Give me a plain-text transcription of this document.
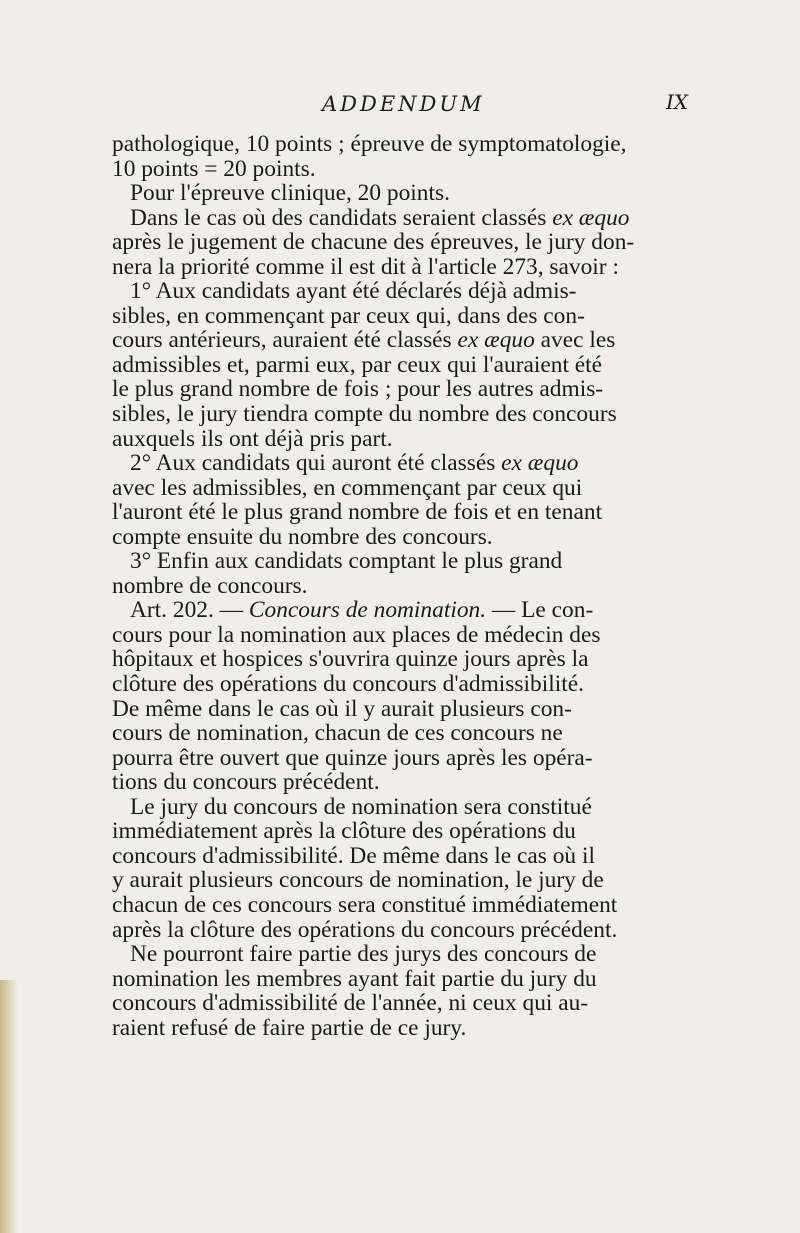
ADDENDUM	IX
pathologique, 10 points ; épreuve de symptomatologie,
10 points = 20 points.
Pour l'épreuve clinique, 20 points.
Dans le cas où des candidats seraient classés ex æquo
après le jugement de chacune des épreuves, le jury don-
nera la priorité comme il est dit à l'article 273, savoir :
1° Aux candidats ayant été déclarés déjà admis-
sibles, en commençant par ceux qui, dans des con-
cours antérieurs, auraient été classés ex æquo avec les
admissibles et, parmi eux, par ceux qui l'auraient été
le plus grand nombre de fois ; pour les autres admis-
sibles, le jury tiendra compte du nombre des concours
auxquels ils ont déjà pris part.
2° Aux candidats qui auront été classés ex æquo
avec les admissibles, en commençant par ceux qui
l'auront été le plus grand nombre de fois et en tenant
compte ensuite du nombre des concours.
3° Enfin aux candidats comptant le plus grand
nombre de concours.
Art. 202. — Concours de nomination. — Le con-
cours pour la nomination aux places de médecin des
hôpitaux et hospices s'ouvrira quinze jours après la
clôture des opérations du concours d'admissibilité.
De même dans le cas où il y aurait plusieurs con-
cours de nomination, chacun de ces concours ne
pourra être ouvert que quinze jours après les opéra-
tions du concours précédent.
Le jury du concours de nomination sera constitué
immédiatement après la clôture des opérations du
concours d'admissibilité. De même dans le cas où il
y aurait plusieurs concours de nomination, le jury de
chacun de ces concours sera constitué immédiatement
après la clôture des opérations du concours précédent.
Ne pourront faire partie des jurys des concours de
nomination les membres ayant fait partie du jury du
concours d'admissibilité de l'année, ni ceux qui au-
raient refusé de faire partie de ce jury.
